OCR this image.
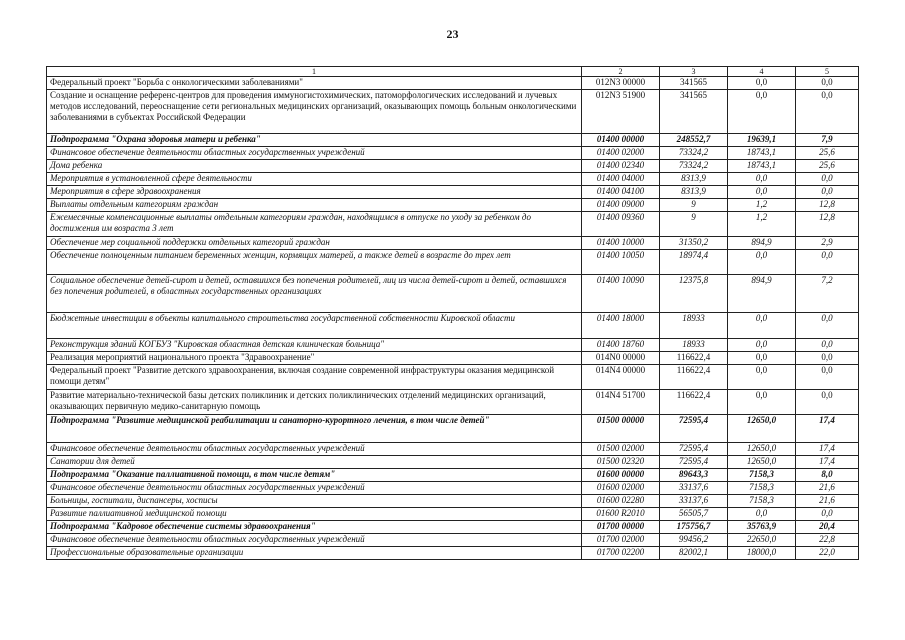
23
1	2	3	4	5
Федеральный проект "Борьба с онкологическими заболеваниями"	012N3 00000	341565	0,0	0,0
Создание и оснащение референс-центров для проведения иммуногистохимических, патоморфологических исследований и лучевых методов исследований, переоснащение сети региональных медицинских организаций, оказывающих помощь больным онкологическими заболеваниями в субъектах Российской Федерации	012N3 51900	341565	0,0	0,0
Подпрограмма "Охрана здоровья матери и ребенка"	01400 00000	248552,7	19639,1	7,9
Финансовое обеспечение деятельности областных государственных учреждений	01400 02000	73324,2	18743,1	25,6
Дома ребенка	01400 02340	73324,2	18743,1	25,6
Мероприятия в установленной сфере деятельности	01400 04000	8313,9	0,0	0,0
Мероприятия в сфере здравоохранения	01400 04100	8313,9	0,0	0,0
Выплаты отдельным категориям граждан	01400 09000	9	1,2	12,8
Ежемесячные компенсационные выплаты отдельным категориям граждан, находящимся в отпуске по уходу за ребенком до достижения им возраста 3 лет	01400 09360	9	1,2	12,8
Обеспечение мер социальной поддержки отдельных категорий граждан	01400 10000	31350,2	894,9	2,9
Обеспечение полноценным питанием беременных женщин, кормящих матерей, а также детей в возрасте до трех лет	01400 10050	18974,4	0,0	0,0
Социальное обеспечение детей-сирот и детей, оставшихся без попечения родителей, лиц из числа детей-сирот и детей, оставшихся без попечения родителей, в областных государственных организациях	01400 10090	12375,8	894,9	7,2
Бюджетные инвестиции в объекты капитального строительства государственной собственности Кировской области	01400 18000	18933	0,0	0,0
Реконструкция зданий КОГБУЗ "Кировская областная детская клиническая больница"	01400 18760	18933	0,0	0,0
Реализация мероприятий национального проекта "Здравоохранение"	014N0 00000	116622,4	0,0	0,0
Федеральный проект "Развитие детского здравоохранения, включая создание современной инфраструктуры оказания медицинской помощи детям"	014N4 00000	116622,4	0,0	0,0
Развитие материально-технической базы детских поликлиник и детских поликлинических отделений медицинских организаций, оказывающих первичную медико-санитарную помощь	014N4 51700	116622,4	0,0	0,0
Подпрограмма "Развитие медицинской реабилитации и санаторно-курортного лечения, в том числе детей"	01500 00000	72595,4	12650,0	17,4
Финансовое обеспечение деятельности областных государственных учреждений	01500 02000	72595,4	12650,0	17,4
Санатории для детей	01500 02320	72595,4	12650,0	17,4
Подпрограмма "Оказание паллиативной помощи, в том числе детям"	01600 00000	89643,3	7158,3	8,0
Финансовое обеспечение деятельности областных государственных учреждений	01600 02000	33137,6	7158,3	21,6
Больницы, госпитали, диспансеры, хосписы	01600 02280	33137,6	7158,3	21,6
Развитие паллиативной медицинской помощи	01600 R2010	56505,7	0,0	0,0
Подпрограмма "Кадровое обеспечение системы здравоохранения"	01700 00000	175756,7	35763,9	20,4
Финансовое обеспечение деятельности областных государственных учреждений	01700 02000	99456,2	22650,0	22,8
Профессиональные образовательные организации	01700 02200	82002,1	18000,0	22,0
